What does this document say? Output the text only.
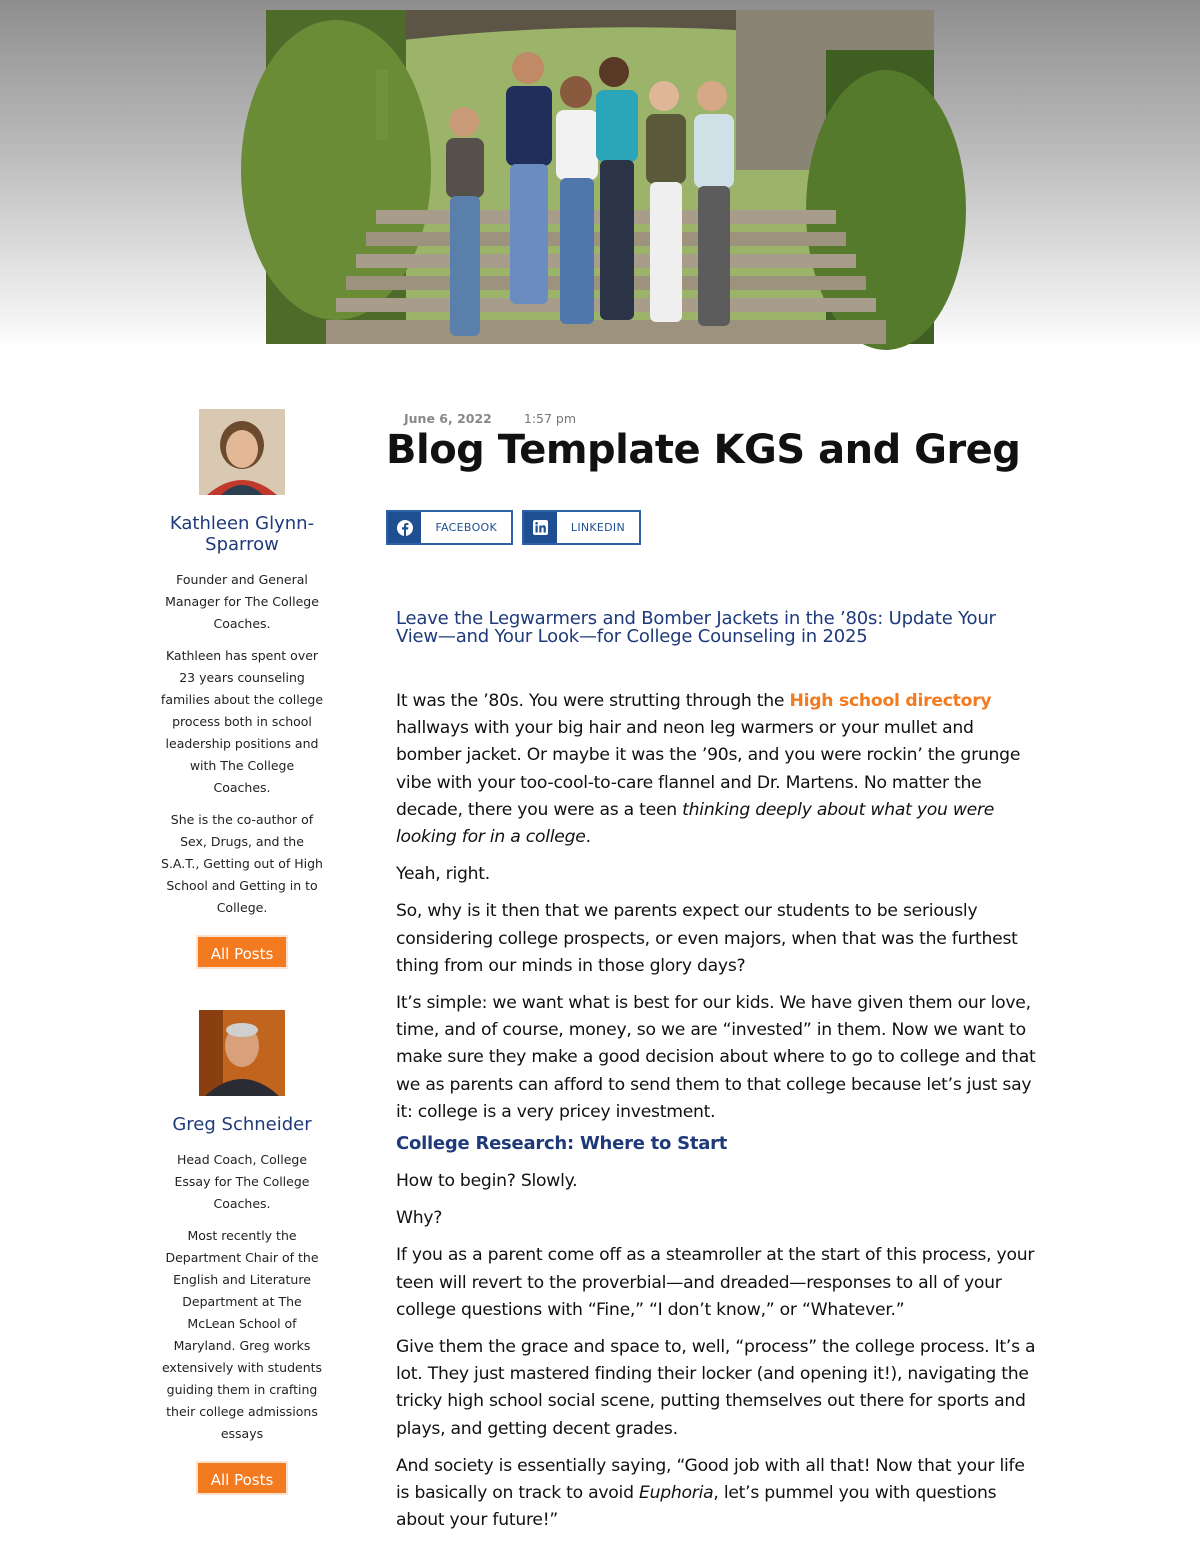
Kathleen Glynn-Sparrow

Founder and General Manager for The College Coaches.

Kathleen has spent over 23 years counseling families about the college process both in school leadership positions and with The College Coaches.

She is the co-author of Sex, Drugs, and the S.A.T., Getting out of High School and Getting in to College.

All Posts
Greg Schneider

Head Coach, College Essay for The College Coaches.

Most recently the Department Chair of the English and Literature Department at The McLean School of Maryland. Greg works extensively with students guiding them in crafting their college admissions essays

All Posts
June 6, 2022	1:57 pm
Blog Template KGS and Greg
FACEBOOK	LINKEDIN
Leave the Legwarmers and Bomber Jackets in the ’80s: Update Your View—and Your Look—for College Counseling in 2025

It was the ’80s. You were strutting through the High school directory hallways with your big hair and neon leg warmers or your mullet and bomber jacket. Or maybe it was the ’90s, and you were rockin’ the grunge vibe with your too-cool-to-care flannel and Dr. Martens. No matter the decade, there you were as a teen thinking deeply about what you were looking for in a college.

Yeah, right.

So, why is it then that we parents expect our students to be seriously considering college prospects, or even majors, when that was the furthest thing from our minds in those glory days?

It’s simple: we want what is best for our kids. We have given them our love, time, and of course, money, so we are “invested” in them. Now we want to make sure they make a good decision about where to go to college and that we as parents can afford to send them to that college because let’s just say it: college is a very pricey investment.

College Research: Where to Start

How to begin? Slowly.

Why?

If you as a parent come off as a steamroller at the start of this process, your teen will revert to the proverbial—and dreaded—responses to all of your college questions with “Fine,” “I don’t know,” or “Whatever.”

Give them the grace and space to, well, “process” the college process. It’s a lot. They just mastered finding their locker (and opening it!), navigating the tricky high school social scene, putting themselves out there for sports and plays, and getting decent grades.

And society is essentially saying, “Good job with all that! Now that your life is basically on track to avoid Euphoria, let’s pummel you with questions about your future!”
